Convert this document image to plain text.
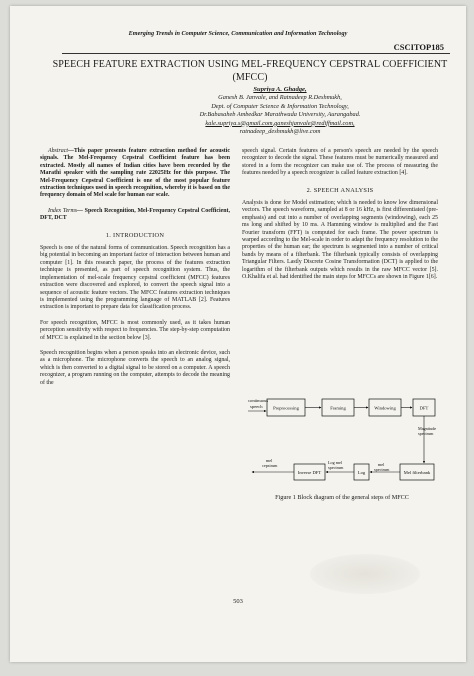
Emerging Trends in Computer Science, Communication and Information Technology
CSCITOP185
SPEECH FEATURE EXTRACTION USING MEL-FREQUENCY CEPSTRAL COEFFICIENT (MFCC)
Supriya A. Ghadge,
Ganesh B. Janvale, and Ratnadeep R.Deshmukh,
Dept. of Computer Science & Information Technology,
Dr.Babasaheb Ambedkar Marathwada University, Aurangabad.
kale.supriya.s@gmail.com,ganeshjanvale@rediffmail.com,
ratnadeep_deshmukh@live.com

Abstract—This paper presents feature extraction method for acoustic signals. The Mel-Frequency Cepstral Coefficient feature has been extracted. Mostly all names of Indian cities have been recorded by the Marathi speaker with the sampling rate 22025Hz for this purpose. The Mel-Frequency Cepstral Coefficient is one of the most popular feature extraction techniques used in speech recognition, whereby it is based on the frequency domain of Mel scale for human ear scale.

Index Terms— Speech Recognition, Mel-Frequency Cepstral Coefficient, DFT, DCT

1. INTRODUCTION

Speech is one of the natural forms of communication. Speech recognition has a big potential in becoming an important factor of interaction between human and computer [1]. In this research paper, the process of the features extraction technique is presented, as part of speech recognition system. Thus, the implementation of mel-scale frequency cepstral coefficient (MFCC) features extraction were discovered and explored, to convert the speech signal into a sequence of acoustic feature vectors. The MFCC features extraction techniques is implemented using the programming language of MATLAB [2]. Features extraction is important to prepare data for classification process.

For speech recognition, MFCC is most commonly used, as it takes human perception sensitivity with respect to frequencies. The step-by-step computation of MFCC is explained in the section below [3].

Speech recognition begins when a person speaks into an electronic device, such as a microphone. The microphone converts the speech to an analog signal, which is then converted to a digital signal to be stored on a computer. A speech recognizer, a program running on the computer, attempts to decode the meaning of the

speech signal. Certain features of a person's speech are needed by the speech recognizer to decode the signal. These features must be numerically measured and stored in a form the recognizer can make use of. The process of measuring the features needed by a speech recognizer is called feature extraction [4].

2. SPEECH ANALYSIS

Analysis is done for Model estimation; which is needed to know low dimensional vectors. The speech waveform, sampled at 8 or 16 kHz, is first differentiated (pre-emphasis) and cut into a number of overlapping segments (windowing), each 25 ms long and shifted by 10 ms. A Hamming window is multiplied and the Fast Fourier transform (FFT) is computed for each frame. The power spectrum is warped according to the Mel-scale in order to adapt the frequency resolution to the properties of the human ear; the spectrum is segmented into a number of critical bands by means of a filterbank. The filterbank typically consists of overlapping Triangular Filters. Lastly Discrete Cosine Transformation (DCT) is applied to the logarithm of the filterbank outputs which results in the raw MFCC vector [5]. O.Khalifa et al. had identified the main steps for MFCCs are shown in Figure 1[6].

continuous
speech Preprocessing	Framing	Windowing	DFT
Magnitude
spectrum
Mel filterbank
mel
spectrum
Log
Log mel
spectrum
Inverse DFT
mel
cepstrum
Figure 1 Block diagram of the general steps of MFCC
503
